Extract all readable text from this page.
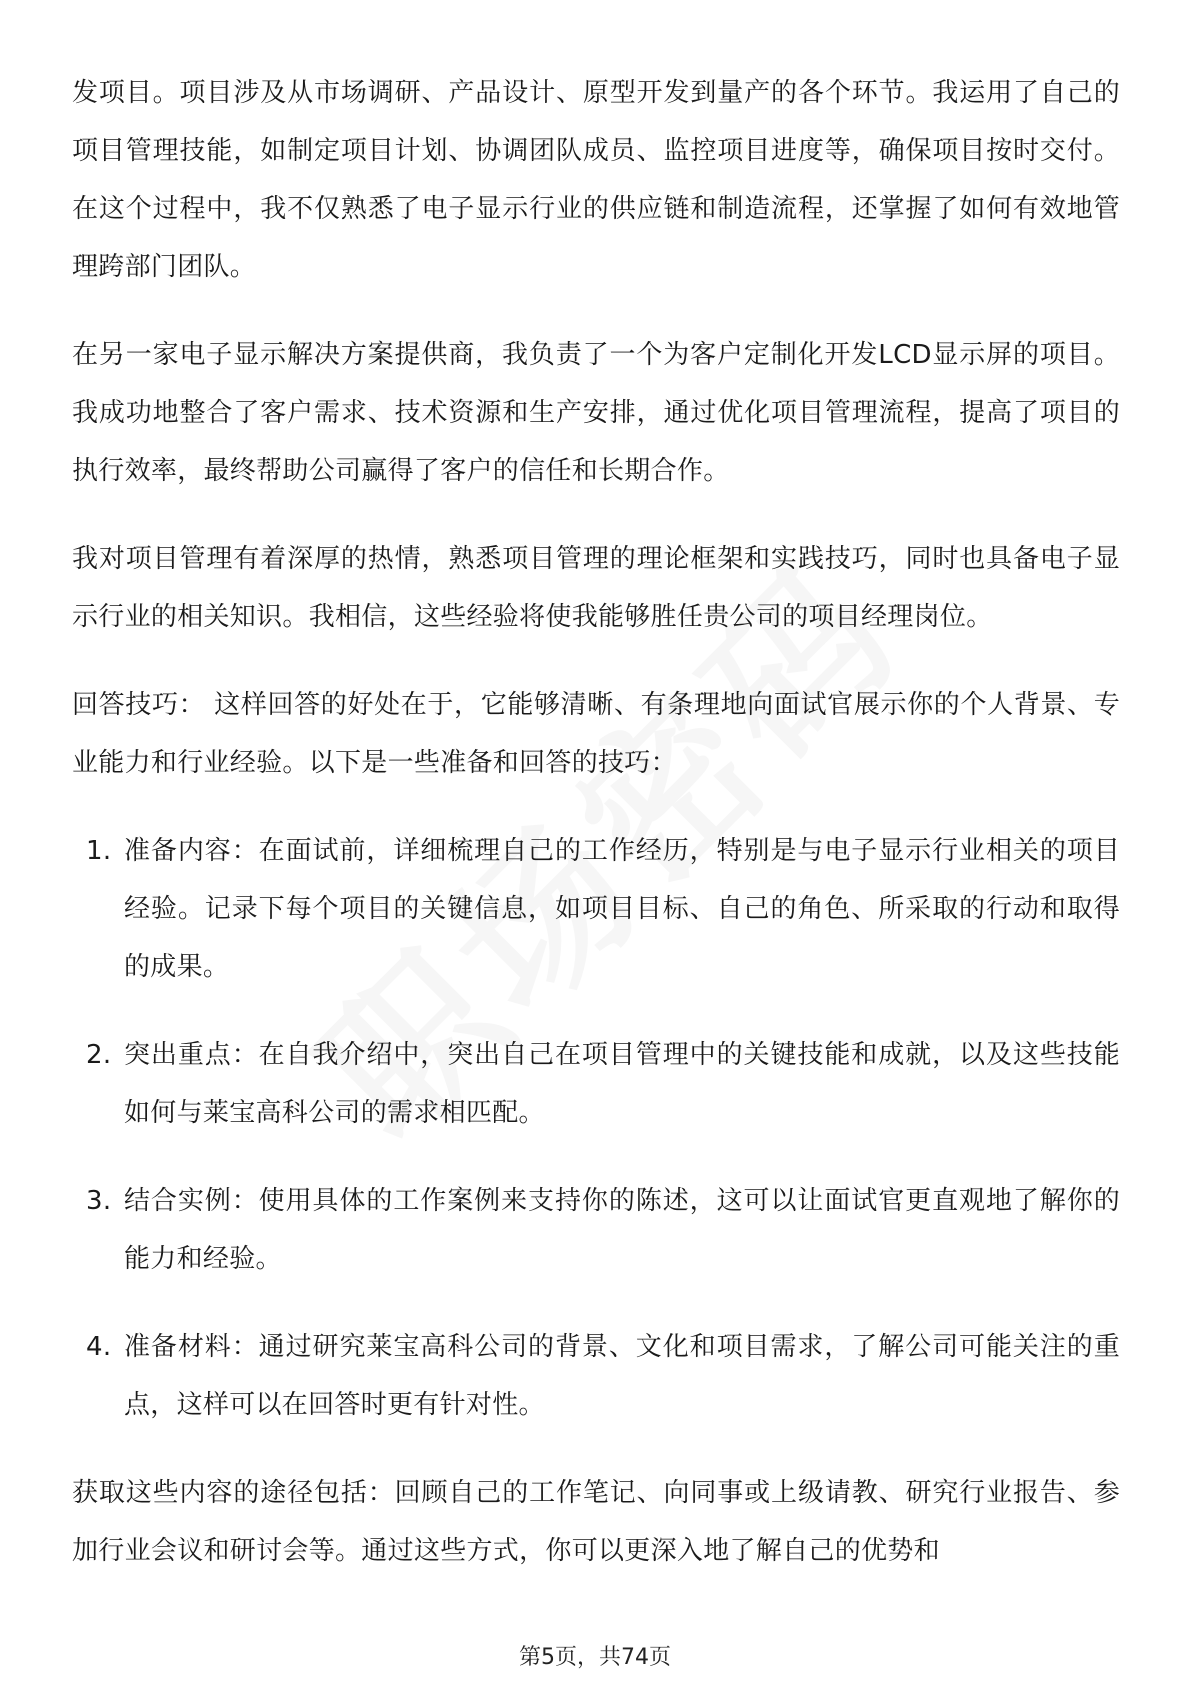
发项目。项目涉及从市场调研、产品设计、原型开发到量产的各个环节。我运用了自己的项目管理技能，如制定项目计划、协调团队成员、监控项目进度等，确保项目按时交付。在这个过程中，我不仅熟悉了电子显示行业的供应链和制造流程，还掌握了如何有效地管理跨部门团队。

在另一家电子显示解决方案提供商，我负责了一个为客户定制化开发LCD显示屏的项目。我成功地整合了客户需求、技术资源和生产安排，通过优化项目管理流程，提高了项目的执行效率，最终帮助公司赢得了客户的信任和长期合作。

我对项目管理有着深厚的热情，熟悉项目管理的理论框架和实践技巧，同时也具备电子显示行业的相关知识。我相信，这些经验将使我能够胜任贵公司的项目经理岗位。

回答技巧： 这样回答的好处在于，它能够清晰、有条理地向面试官展示你的个人背景、专业能力和行业经验。以下是一些准备和回答的技巧：

1. 准备内容：在面试前，详细梳理自己的工作经历，特别是与电子显示行业相关的项目经验。记录下每个项目的关键信息，如项目目标、自己的角色、所采取的行动和取得的成果。
2. 突出重点：在自我介绍中，突出自己在项目管理中的关键技能和成就，以及这些技能如何与莱宝高科公司的需求相匹配。
3. 结合实例：使用具体的工作案例来支持你的陈述，这可以让面试官更直观地了解你的能力和经验。
4. 准备材料：通过研究莱宝高科公司的背景、文化和项目需求，了解公司可能关注的重点，这样可以在回答时更有针对性。

获取这些内容的途径包括：回顾自己的工作笔记、向同事或上级请教、研究行业报告、参加行业会议和研讨会等。通过这些方式，你可以更深入地了解自己的优势和

第5页，共74页
